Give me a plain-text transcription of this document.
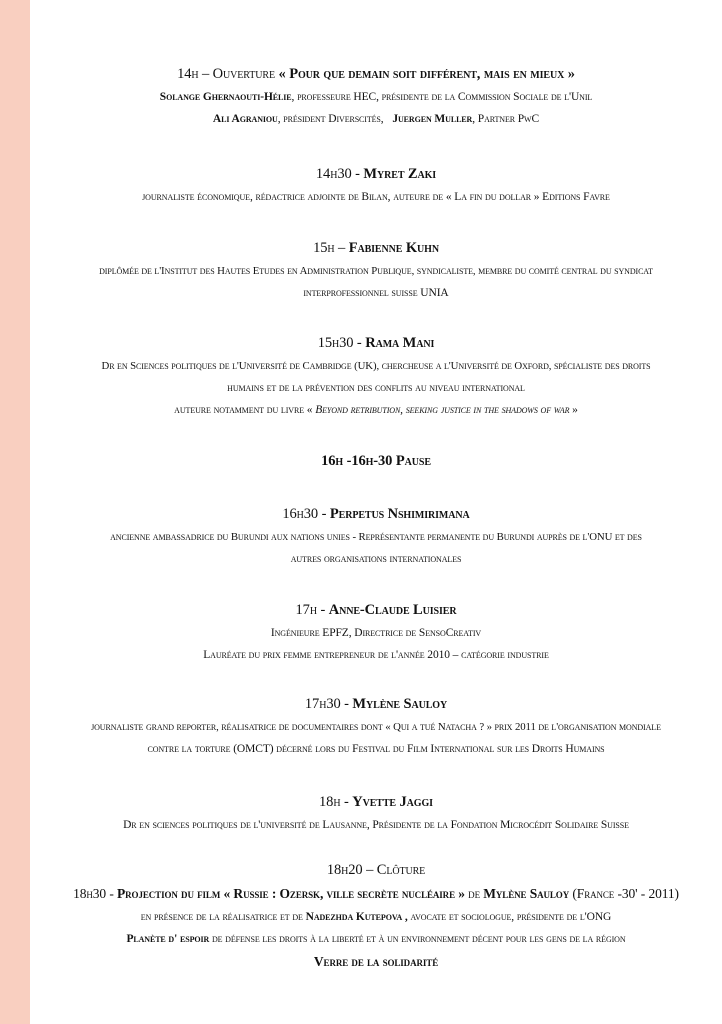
14h – Ouverture « Pour que demain soit différent, mais en mieux »
Solange Ghernaouti-Hélie, professeure HEC, présidente de la Commission Sociale de l'Unil
Ali Agraniou, président Diverscités, Juergen Muller, Partner PwC
14h30 - Myret Zaki
journaliste économique, rédactrice adjointe de Bilan, auteure de « La fin du dollar » Editions Favre
15h – Fabienne Kuhn
diplômée de l'Institut des Hautes Etudes en Administration Publique, syndicaliste, membre du comité central du syndicat
interprofessionnel suisse UNIA
15h30 - Rama Mani
Dr en Sciences politiques de l'Université de Cambridge (UK), chercheuse a l'Université de Oxford, spécialiste des droits
humains et de la prévention des conflits au niveau international
auteure notamment du livre « Beyond retribution, seeking justice in the shadows of war »
16h -16h-30 Pause
16h30 - Perpetus Nshimirimana
ancienne ambassadrice du Burundi aux nations unies - Représentante permanente du Burundi auprès de l'ONU et des
autres organisations internationales
17h - Anne-Claude Luisier
Ingénieure EPFZ, Directrice de SensoCreativ
Lauréate du prix femme entrepreneur de l'année 2010 – catégorie industrie
17h30 - Mylène Sauloy
journaliste grand reporter, réalisatrice de documentaires dont « Qui a tué Natacha ? » prix 2011 de l'organisation mondiale
contre la torture (OMCT) décerné lors du Festival du Film International sur les Droits Humains
18h - Yvette Jaggi
Dr en sciences politiques de l'université de Lausanne, Présidente de la Fondation Microcédit Solidaire Suisse
18h20 – Clôture
18h30 - Projection du film « Russie : Ozersk, ville secrète nucléaire » de Mylène Sauloy (France -30' - 2011)
en présence de la réalisatrice et de Nadezhda Kutepova , avocate et sociologue, présidente de l'ONG
Planète d' espoir de défense les droits à la liberté et à un environnement décent pour les gens de la région
Verre de la solidarité
